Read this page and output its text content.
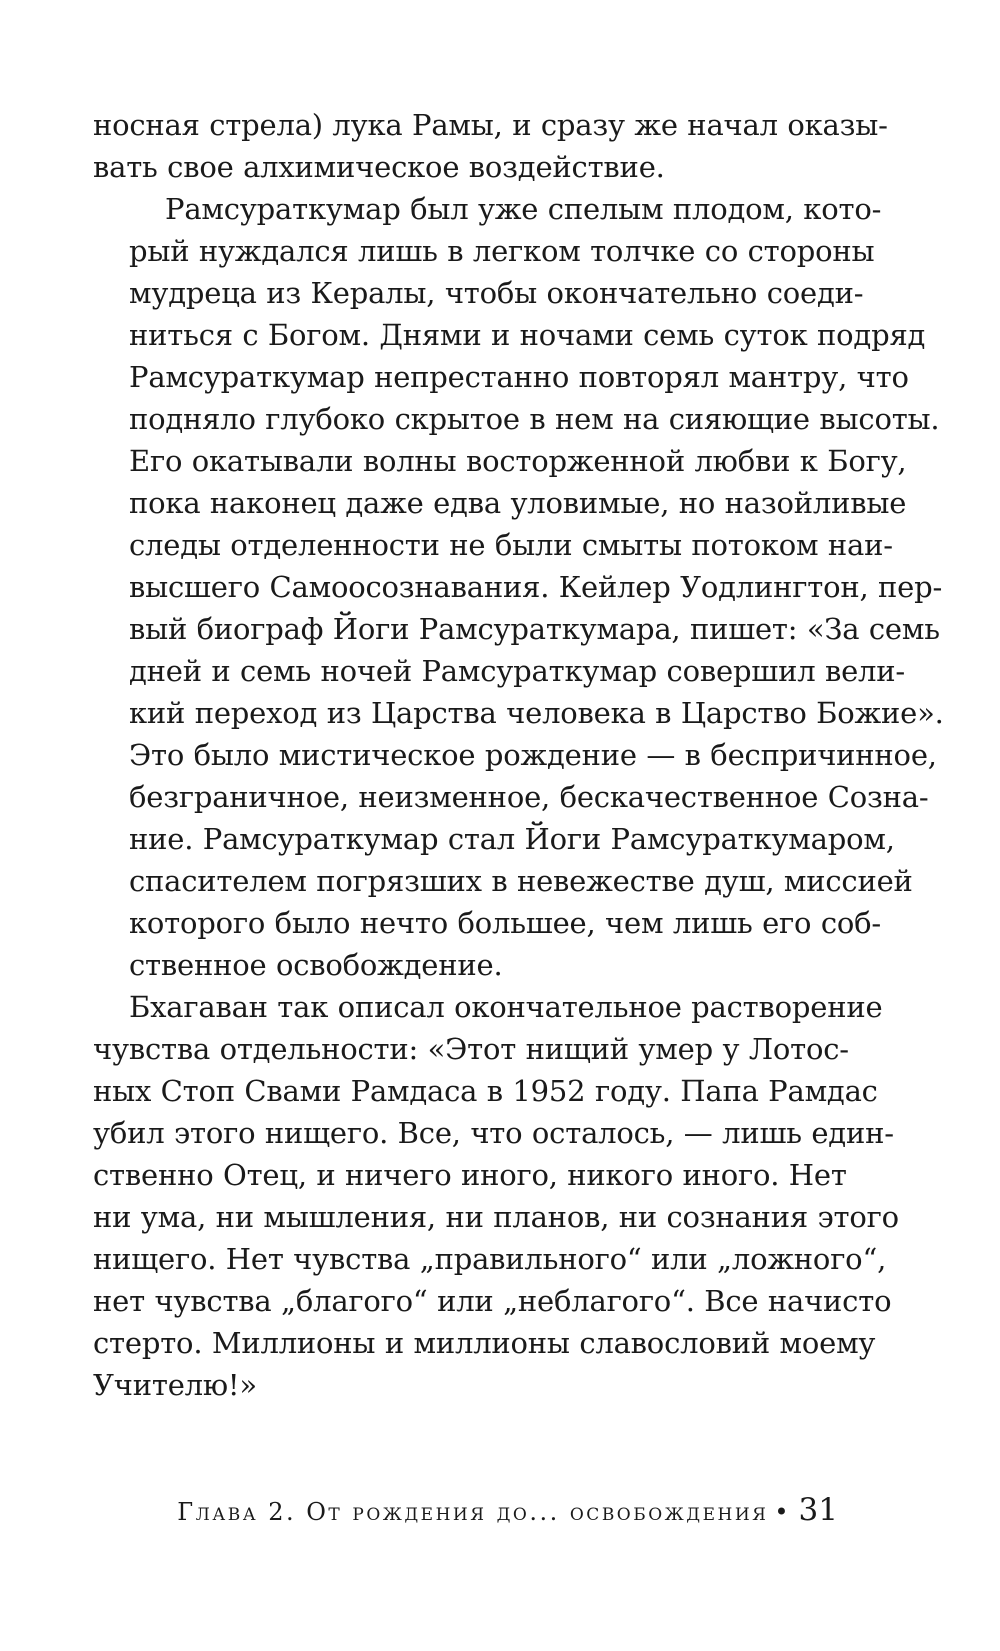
носная стрела) лука Рамы, и сразу же начал оказы-
вать свое алхимическое воздействие.

Рамсураткумар был уже спелым плодом, кото-
рый нуждался лишь в легком толчке со стороны
мудреца из Кералы, чтобы окончательно соеди-
ниться с Богом. Днями и ночами семь суток подряд
Рамсураткумар непрестанно повторял мантру, что
подняло глубоко скрытое в нем на сияющие высоты.
Его окатывали волны восторженной любви к Богу,
пока наконец даже едва уловимые, но назойливые
следы отделенности не были смыты потоком наи-
высшего Самоосознавания. Кейлер Уодлингтон, пер-
вый биограф Йоги Рамсураткумара, пишет: «За семь
дней и семь ночей Рамсураткумар совершил вели-
кий переход из Царства человека в Царство Божие».
Это было мистическое рождение — в беспричинное,
безграничное, неизменное, бескачественное Созна-
ние. Рамсураткумар стал Йоги Рамсураткумаром,
спасителем погрязших в невежестве душ, миссией
которого было нечто большее, чем лишь его соб-
ственное освобождение.

Бхагаван так описал окончательное растворение
чувства отдельности: «Этот нищий умер у Лотос-
ных Стоп Свами Рамдаса в 1952 году. Папа Рамдас
убил этого нищего. Все, что осталось, — лишь един-
ственно Отец, и ничего иного, никого иного. Нет
ни ума, ни мышления, ни планов, ни сознания этого
нищего. Нет чувства „правильного“ или „ложного“,
нет чувства „благого“ или „неблагого“. Все начисто
стерто. Миллионы и миллионы славословий моему
Учителю!»

Глава 2. От рождения до... освобождения • 31
